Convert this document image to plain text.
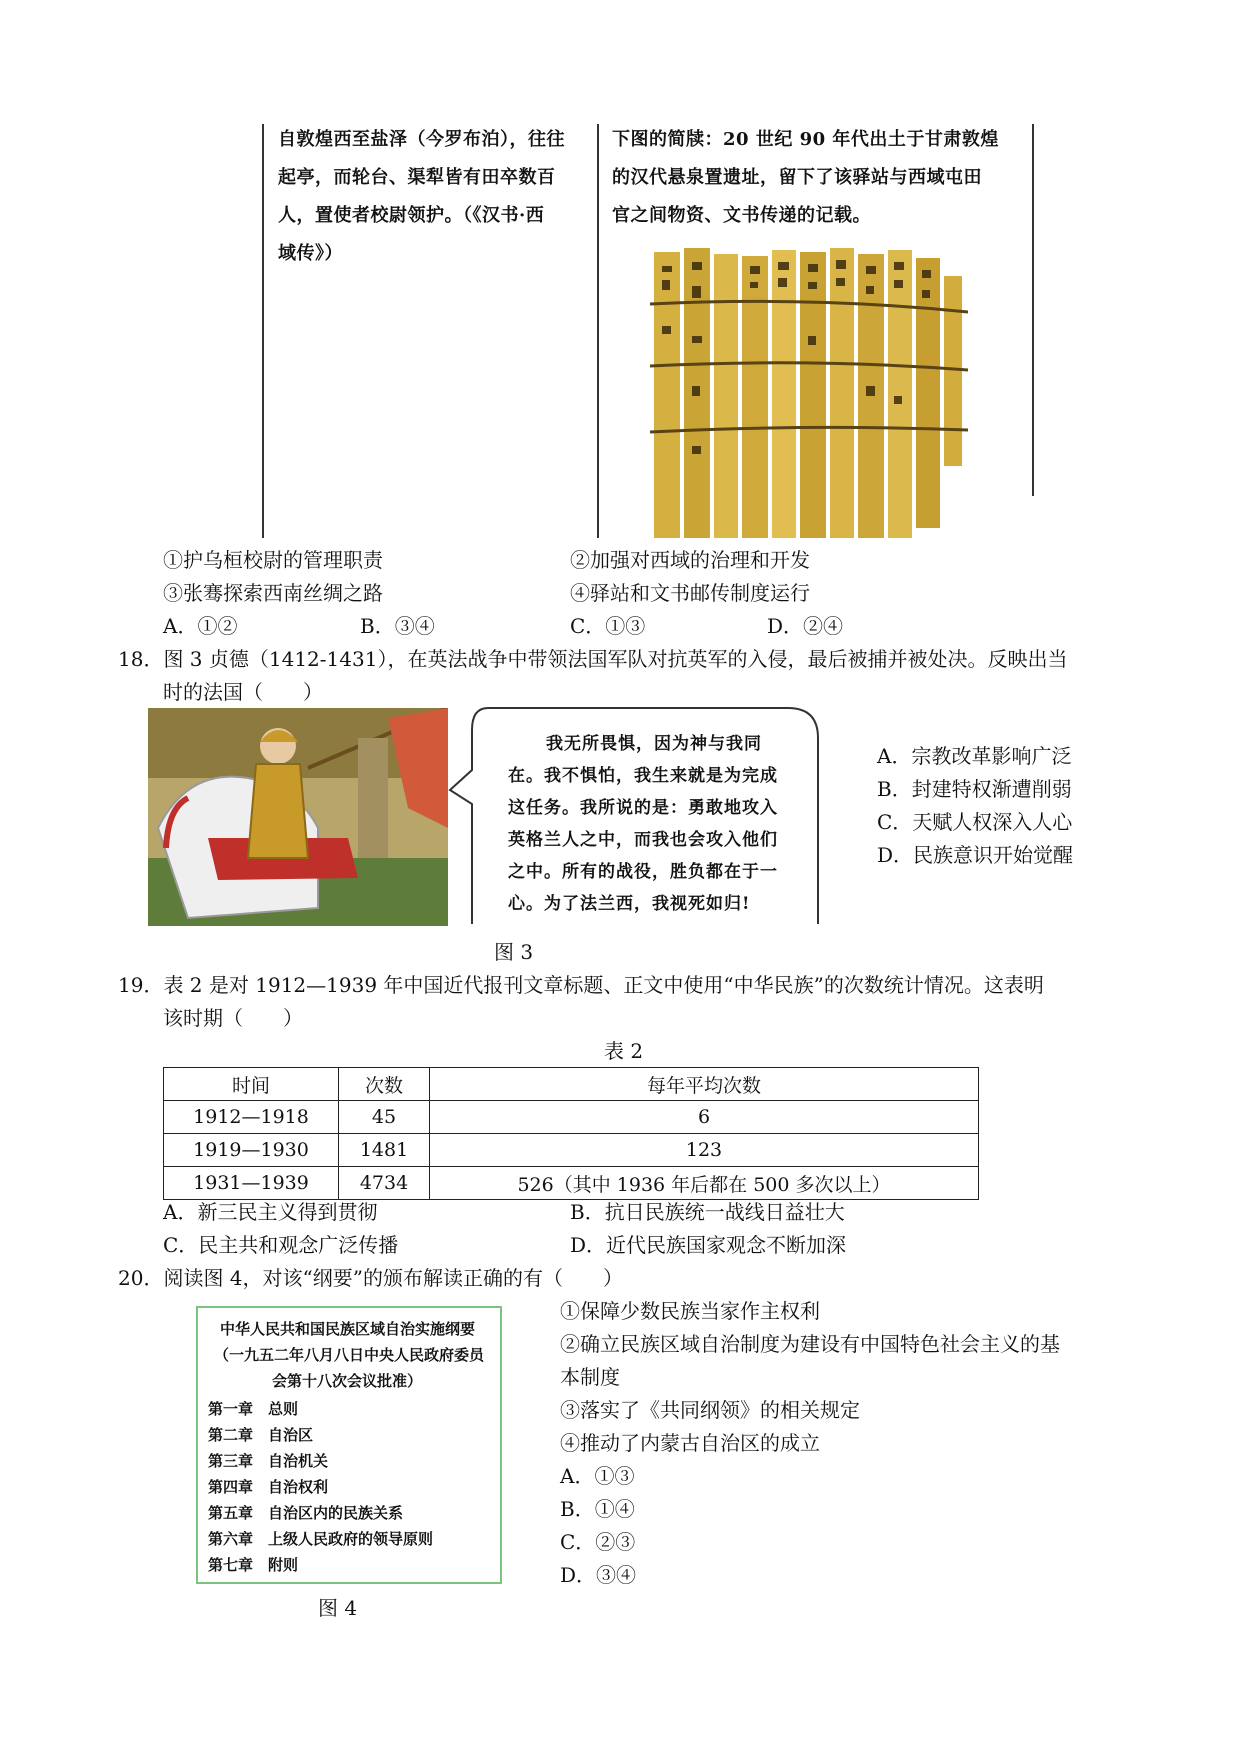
自敦煌西至盐泽（今罗布泊），往往
起亭，而轮台、渠犁皆有田卒数百
人，置使者校尉领护。（《汉书·西
域传》）
下图的简牍：20 世纪 90 年代出土于甘肃敦煌
的汉代悬泉置遗址，留下了该驿站与西域屯田
官之间物资、文书传递的记载。
①护乌桓校尉的管理职责	②加强对西域的治理和开发
③张骞探索西南丝绸之路	④驿站和文书邮传制度运行
A．①②	B．③④	C．①③	D．②④
18．图 3 贞德（1412-1431），在英法战争中带领法国军队对抗英军的入侵，最后被捕并被处决。反映出当
时的法国（　　）
我无所畏惧，因为神与我同
在。我不惧怕，我生来就是为完成
这任务。我所说的是：勇敢地攻入
英格兰人之中，而我也会攻入他们
之中。所有的战役，胜负都在于一
心。为了法兰西，我视死如归!
A．宗教改革影响广泛
B．封建特权渐遭削弱
C．天赋人权深入人心
D．民族意识开始觉醒
图 3
19．表 2 是对 1912—1939 年中国近代报刊文章标题、正文中使用“中华民族”的次数统计情况。这表明
该时期（　　）
表 2
时间	次数	每年平均次数
1912—1918	45	6
1919—1930	1481	123
1931—1939	4734	526（其中 1936 年后都在 500 多次以上）
A．新三民主义得到贯彻	B．抗日民族统一战线日益壮大
C．民主共和观念广泛传播	D．近代民族国家观念不断加深
20．阅读图 4，对该“纲要”的颁布解读正确的有（　　）
中华人民共和国民族区域自治实施纲要
（一九五二年八月八日中央人民政府委员
会第十八次会议批准）
第一章　总则
第二章　自治区
第三章　自治机关
第四章　自治权利
第五章　自治区内的民族关系
第六章　上级人民政府的领导原则
第七章　附则
图 4
①保障少数民族当家作主权利
②确立民族区域自治制度为建设有中国特色社会主义的基
本制度
③落实了《共同纲领》的相关规定
④推动了内蒙古自治区的成立
A．①③
B．①④
C．②③
D．③④
